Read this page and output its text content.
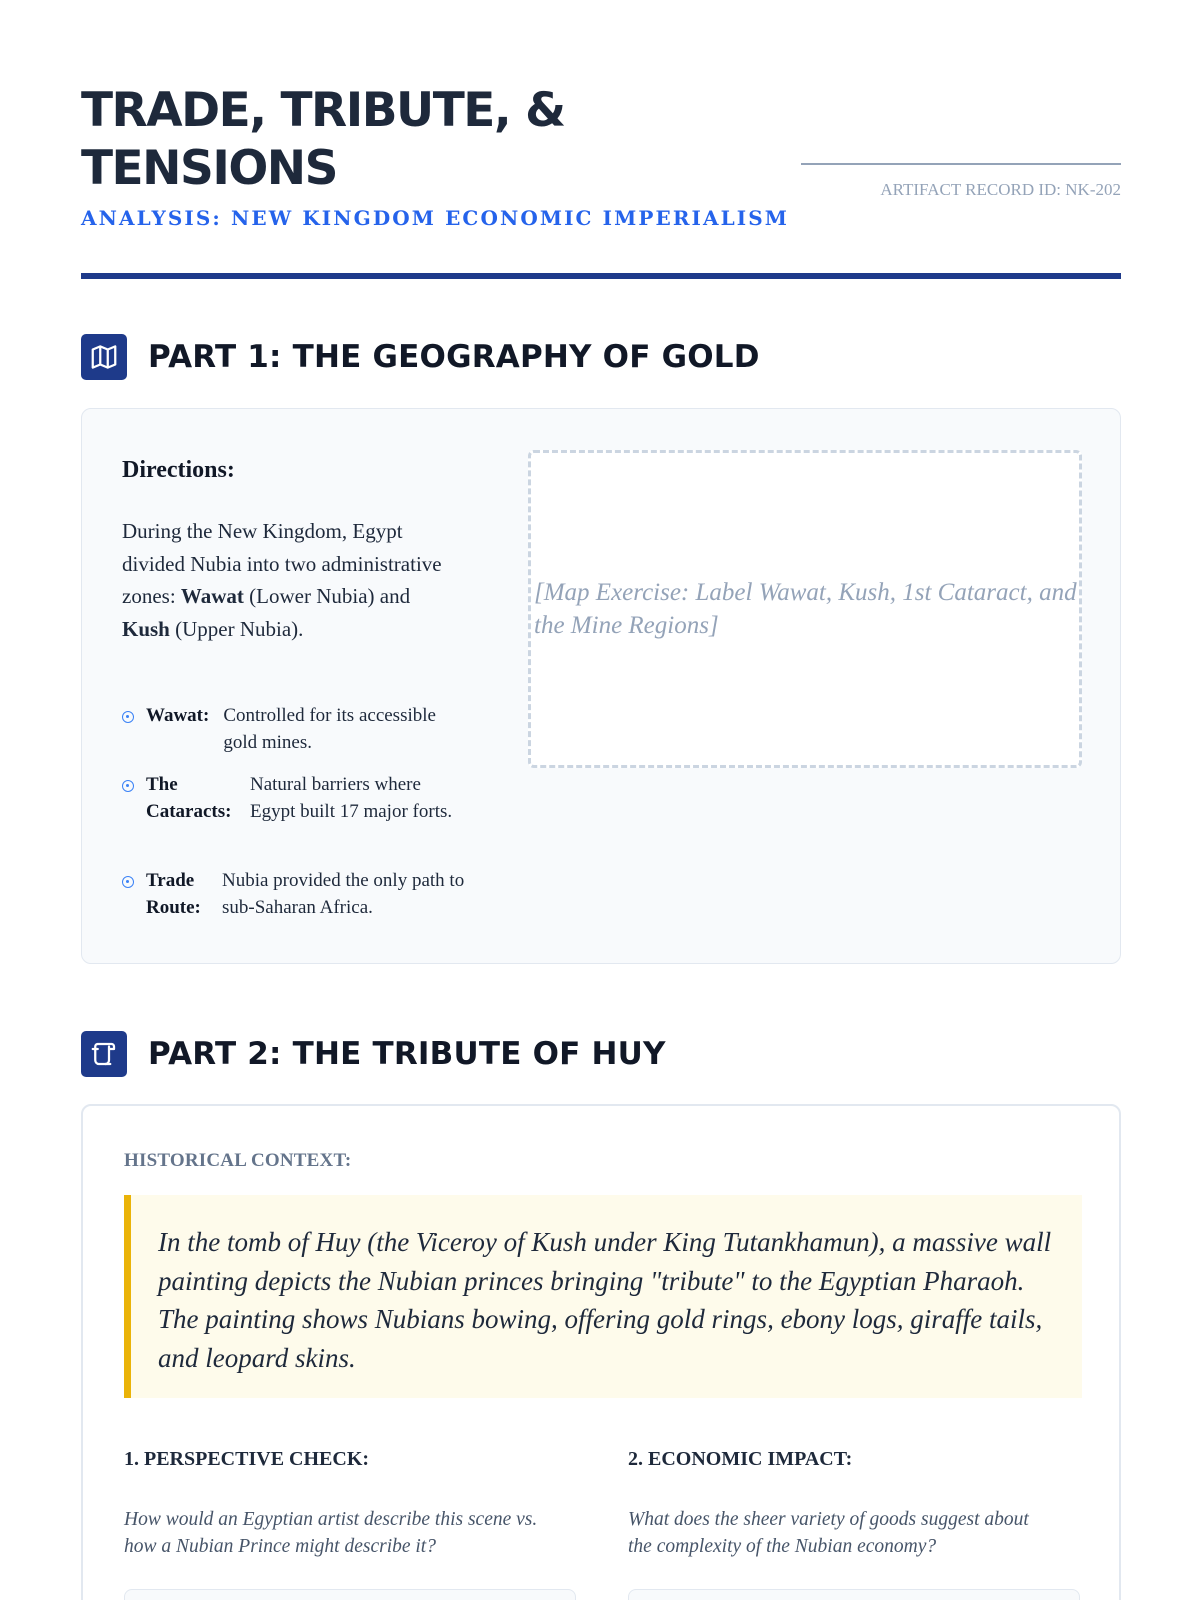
TRADE, TRIBUTE, &
TENSIONS
ANALYSIS: NEW KINGDOM ECONOMIC IMPERIALISM
ARTIFACT RECORD ID: NK-202
PART 1: THE GEOGRAPHY OF GOLD
Directions:

During the New Kingdom, Egypt divided Nubia into two administrative zones: Wawat (Lower Nubia) and Kush (Upper Nubia).

Wawat: Controlled for its accessible gold mines.
The Cataracts:
Natural barriers where Egypt built 17 major forts.
Trade Route:
Nubia provided the only path to sub-Saharan Africa.
[Map Exercise: Label Wawat, Kush, 1st Cataract, and the Mine Regions]
PART 2: THE TRIBUTE OF HUY
HISTORICAL CONTEXT:
In the tomb of Huy (the Viceroy of Kush under King Tutankhamun), a massive wall painting depicts the Nubian princes bringing "tribute" to the Egyptian Pharaoh. The painting shows Nubians bowing, offering gold rings, ebony logs, giraffe tails, and leopard skins.
1. PERSPECTIVE CHECK:
How would an Egyptian artist describe this scene vs. how a Nubian Prince might describe it?
2. ECONOMIC IMPACT:
What does the sheer variety of goods suggest about the complexity of the Nubian economy?
